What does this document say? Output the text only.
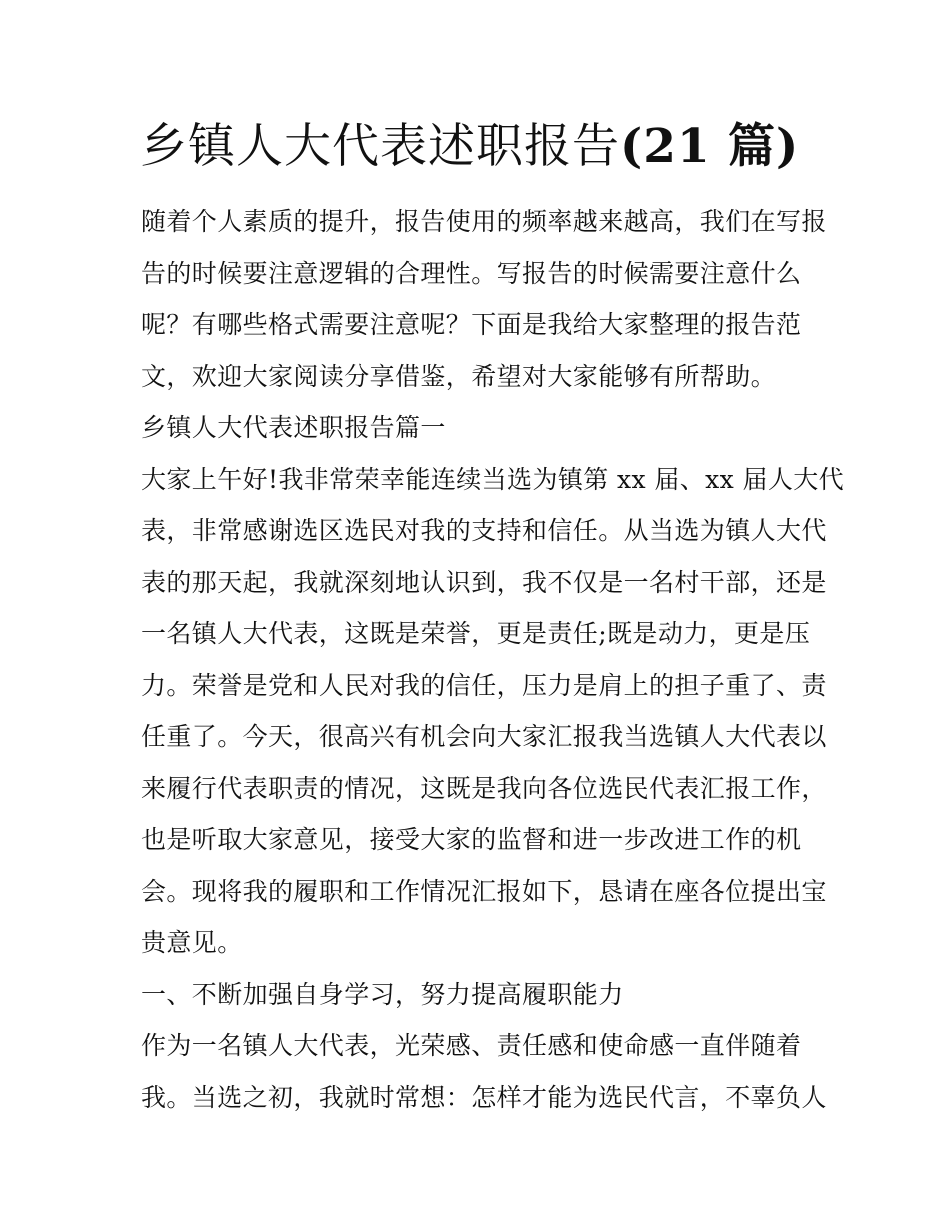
乡镇人大代表述职报告(21 篇)
随着个人素质的提升，报告使用的频率越来越高，我们在写报
告的时候要注意逻辑的合理性。写报告的时候需要注意什么
呢？有哪些格式需要注意呢？下面是我给大家整理的报告范
文，欢迎大家阅读分享借鉴，希望对大家能够有所帮助。
乡镇人大代表述职报告篇一
大家上午好!我非常荣幸能连续当选为镇第 xx 届、xx 届人大代
表，非常感谢选区选民对我的支持和信任。从当选为镇人大代
表的那天起，我就深刻地认识到，我不仅是一名村干部，还是
一名镇人大代表，这既是荣誉，更是责任;既是动力，更是压
力。荣誉是党和人民对我的信任，压力是肩上的担子重了、责
任重了。今天，很高兴有机会向大家汇报我当选镇人大代表以
来履行代表职责的情况，这既是我向各位选民代表汇报工作，
也是听取大家意见，接受大家的监督和进一步改进工作的机
会。现将我的履职和工作情况汇报如下，恳请在座各位提出宝
贵意见。
一、不断加强自身学习，努力提高履职能力
作为一名镇人大代表，光荣感、责任感和使命感一直伴随着
我。当选之初，我就时常想：怎样才能为选民代言，不辜负人
